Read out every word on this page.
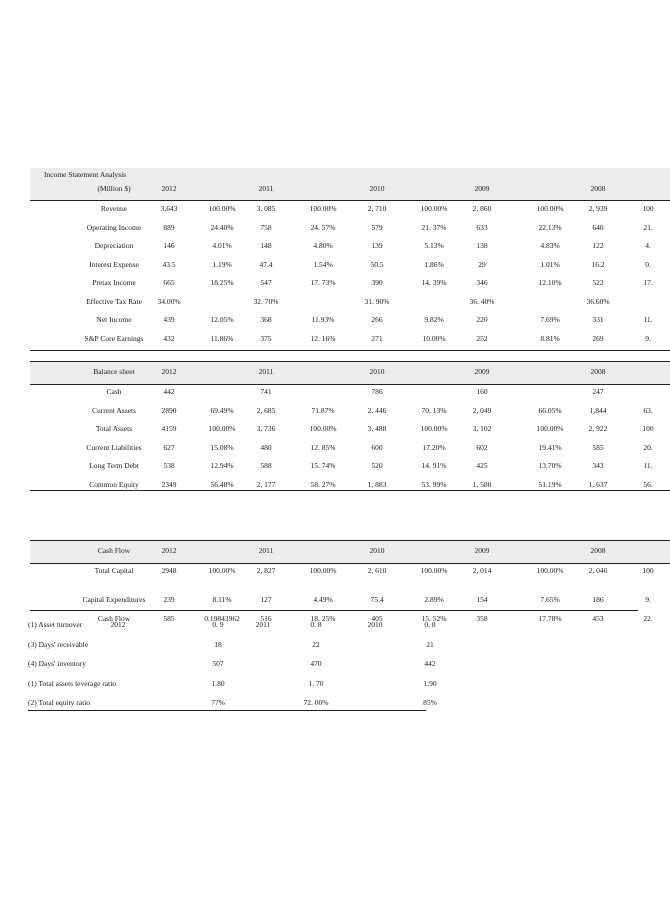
Income Statement Analysis
(Million $)	2012	2011	2010	2009	2008
Revenue	3,643	100.00%	3, 085	100.00%	2, 710	100.00%	2, 860	100.00%	2, 939	100
Operating Income	889	24.40%	758	24. 57%	579	21. 37%	633	22.13%	640	21.
Depreciation	146	4.01%	148	4.80%	139	5.13%	138	4.83%	122	4.
Interest Expense	43.5	1.19%	47.4	1.54%	50.5	1.86%	29	1.01%	16.2	0.
Pretax Income	665	18.25%	547	17. 73%	390	14. 39%	346	12.10%	522	17.
Effective Tax Rate 34.00%	32. 70%	31. 90%	36. 40%	36.60%
Net Income	439	12.05%	368	11.93%	266	9.82%	220	7.69%	331	11.
S&P Core Earnings	432	11.86%	375	12. 16%	271	10.00%	252	8.81%	269	9.
Balance sheet	2012	2011	2010	2009	2008
Cash	442	741	786	160	247
Current Assets	2890	69.49%	2, 685	71.87%	2, 446	70. 13%	2, 049	66.05%	1,844	63.
Total Assets	4159	100.00%	3, 736	100.00%	3, 488	100.00%	3, 102	100.00%	2, 922	100
Current Liabilities	627	15.08%	480	12. 85%	600	17.20%	602	19.41%	585	20.
Long Term Debt	538	12.94%	588	15. 74%	520	14. 91%	425	13.70%	343	11.
Common Equity	2349	56.48%	2, 177	58. 27%	1, 883	53. 99%	1, 588	51.19%	1, 637	56.
Cash Flow	2012	2011	2010	2009	2008
Total Capital	2948	100.00%	2, 827	100.00%	2, 610	100.00%	2, 014	100.00%	2, 046	100
Capital Expenditures 239	8.11%	127	4.49%	75.4	2.89%	154	7.65%	186	9.
Cash Flow	585	0.19843962	516	18. 25%	405	15. 52%	358	17.78%	453	22.
(1) Asset turnover	2012	0. 9	2011	0. 8	2010	0. 8
(3) Days' receivable	18	22	21
(4) Days' inventory	507	470	442
(1) Total assets leverage ratio	1.80	1. 70	1.90
(2) Total equity ratio	77%	72. 00%	85%
